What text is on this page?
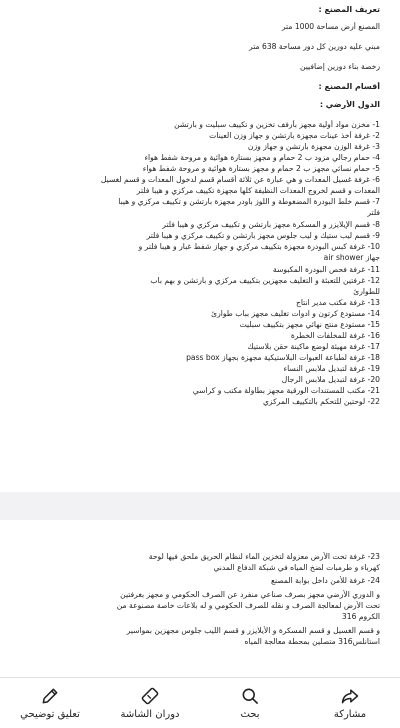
تعريف المصنع :
المصنع أرض مساحة 1000 متر
مبني عليه دورين كل دور مساحة 638 متر
رخصة بناء دورين إضافيين
أقسام المصنع :
الدول الأرضي :
1- مخزن مواد أولية مجهز بأرفف تخزين و تكييف سبليت و بارتشن
2- غرفة أخذ عينات مجهزة بارتشن و جهاز وزن العينات
3- غرفة الوزن مجهزة بارتشن و جهاز وزن
4- حمام رجالي مزود ب 2 حمام و مجهز بستارة هوائية و مروحة شفط هواء
5- حمام نسائي مجهز ب 2 حمام و مجهز بستارة هوائية و مروحة شفط هواء
6- غرفة غسيل المعدات و هي عبارة عن ثلاثة أقسام قسم لدخول المعدات و قسم لغسيل
المعدات و قسم لخروج المعدات النظيفة كلها مجهزة تكييف مركزي و هيبا فلتر
7- قسم خلط البودرة المضغوطة و اللوز باودر مجهزة بارتشن و تكييف مركزي و هيبا
فلتر
8- قسم الإيلايزر و المسكرة مجهز بارتشن و تكييف مركزي و هيبا فلتر
9- قسم ليب ستيك و ليب جلوس مجهز بارتشن و تكييف مركزي و هيبا فلتر
10- غرفة كبس البودرة مجهزة بتكييف مركزي و جهاز شفط غبار و هيبا فلتر و
جهاز air shower
11- غرفة فحص البودرة المكبوسة
12- غرفتين للتعبئة و التغليف مجهزين بتكييف مركزي و بارتشن و بهم باب
للطوارئ
13- غرفة مكتب مدير انتاج
14- مستودع كرتون و ادوات تغليف مجهز بباب طوارئ
15- مستودع منتج نهائي مجهز بتكييف سبليت
16- غرفة للمخلفات الخطرة
17- غرفة مهيئة لوضع ماكينة حقن بلاستيك
18- غرفة لطباعة العبوات البلاستيكية مجهزة بجهاز pass box
19- غرفة لتبديل ملابس النساء
20- غرفة لتبديل ملابس الرجال
21- مكتب للمستندات الورقية مجهز بطاولة مكتب و كراسي
22- لوحتين للتحكم بالتكييف المركزي
23- غرفة تحت الأرض معزولة لتخزين الماء لنظام الحريق ملحق فيها لوحة
كهرباء و طرمبات لضخ المياه في شبكة الدفاع المدني
24- غرفة للأمن داخل بوابة المصنع
و الدوري الأرضي مجهز بصرف صناعي منفرد عن الصرف الحكومي و مجهز بغرفتين
تحت الأرض لمعالجة الصرف و نقله للصرف الحكومي و له بلاعات خاصة مصنوعة من
الكروم 316
و قسم الغسيل و قسم المسكرة و الأيلايزر و قسم الليب جلوس مجهزين بمواسير
استانلس316 متصلين بمحطة معالجة المياه
تعليق توضيحي	دوران الشاشة	بحث	مشاركة
